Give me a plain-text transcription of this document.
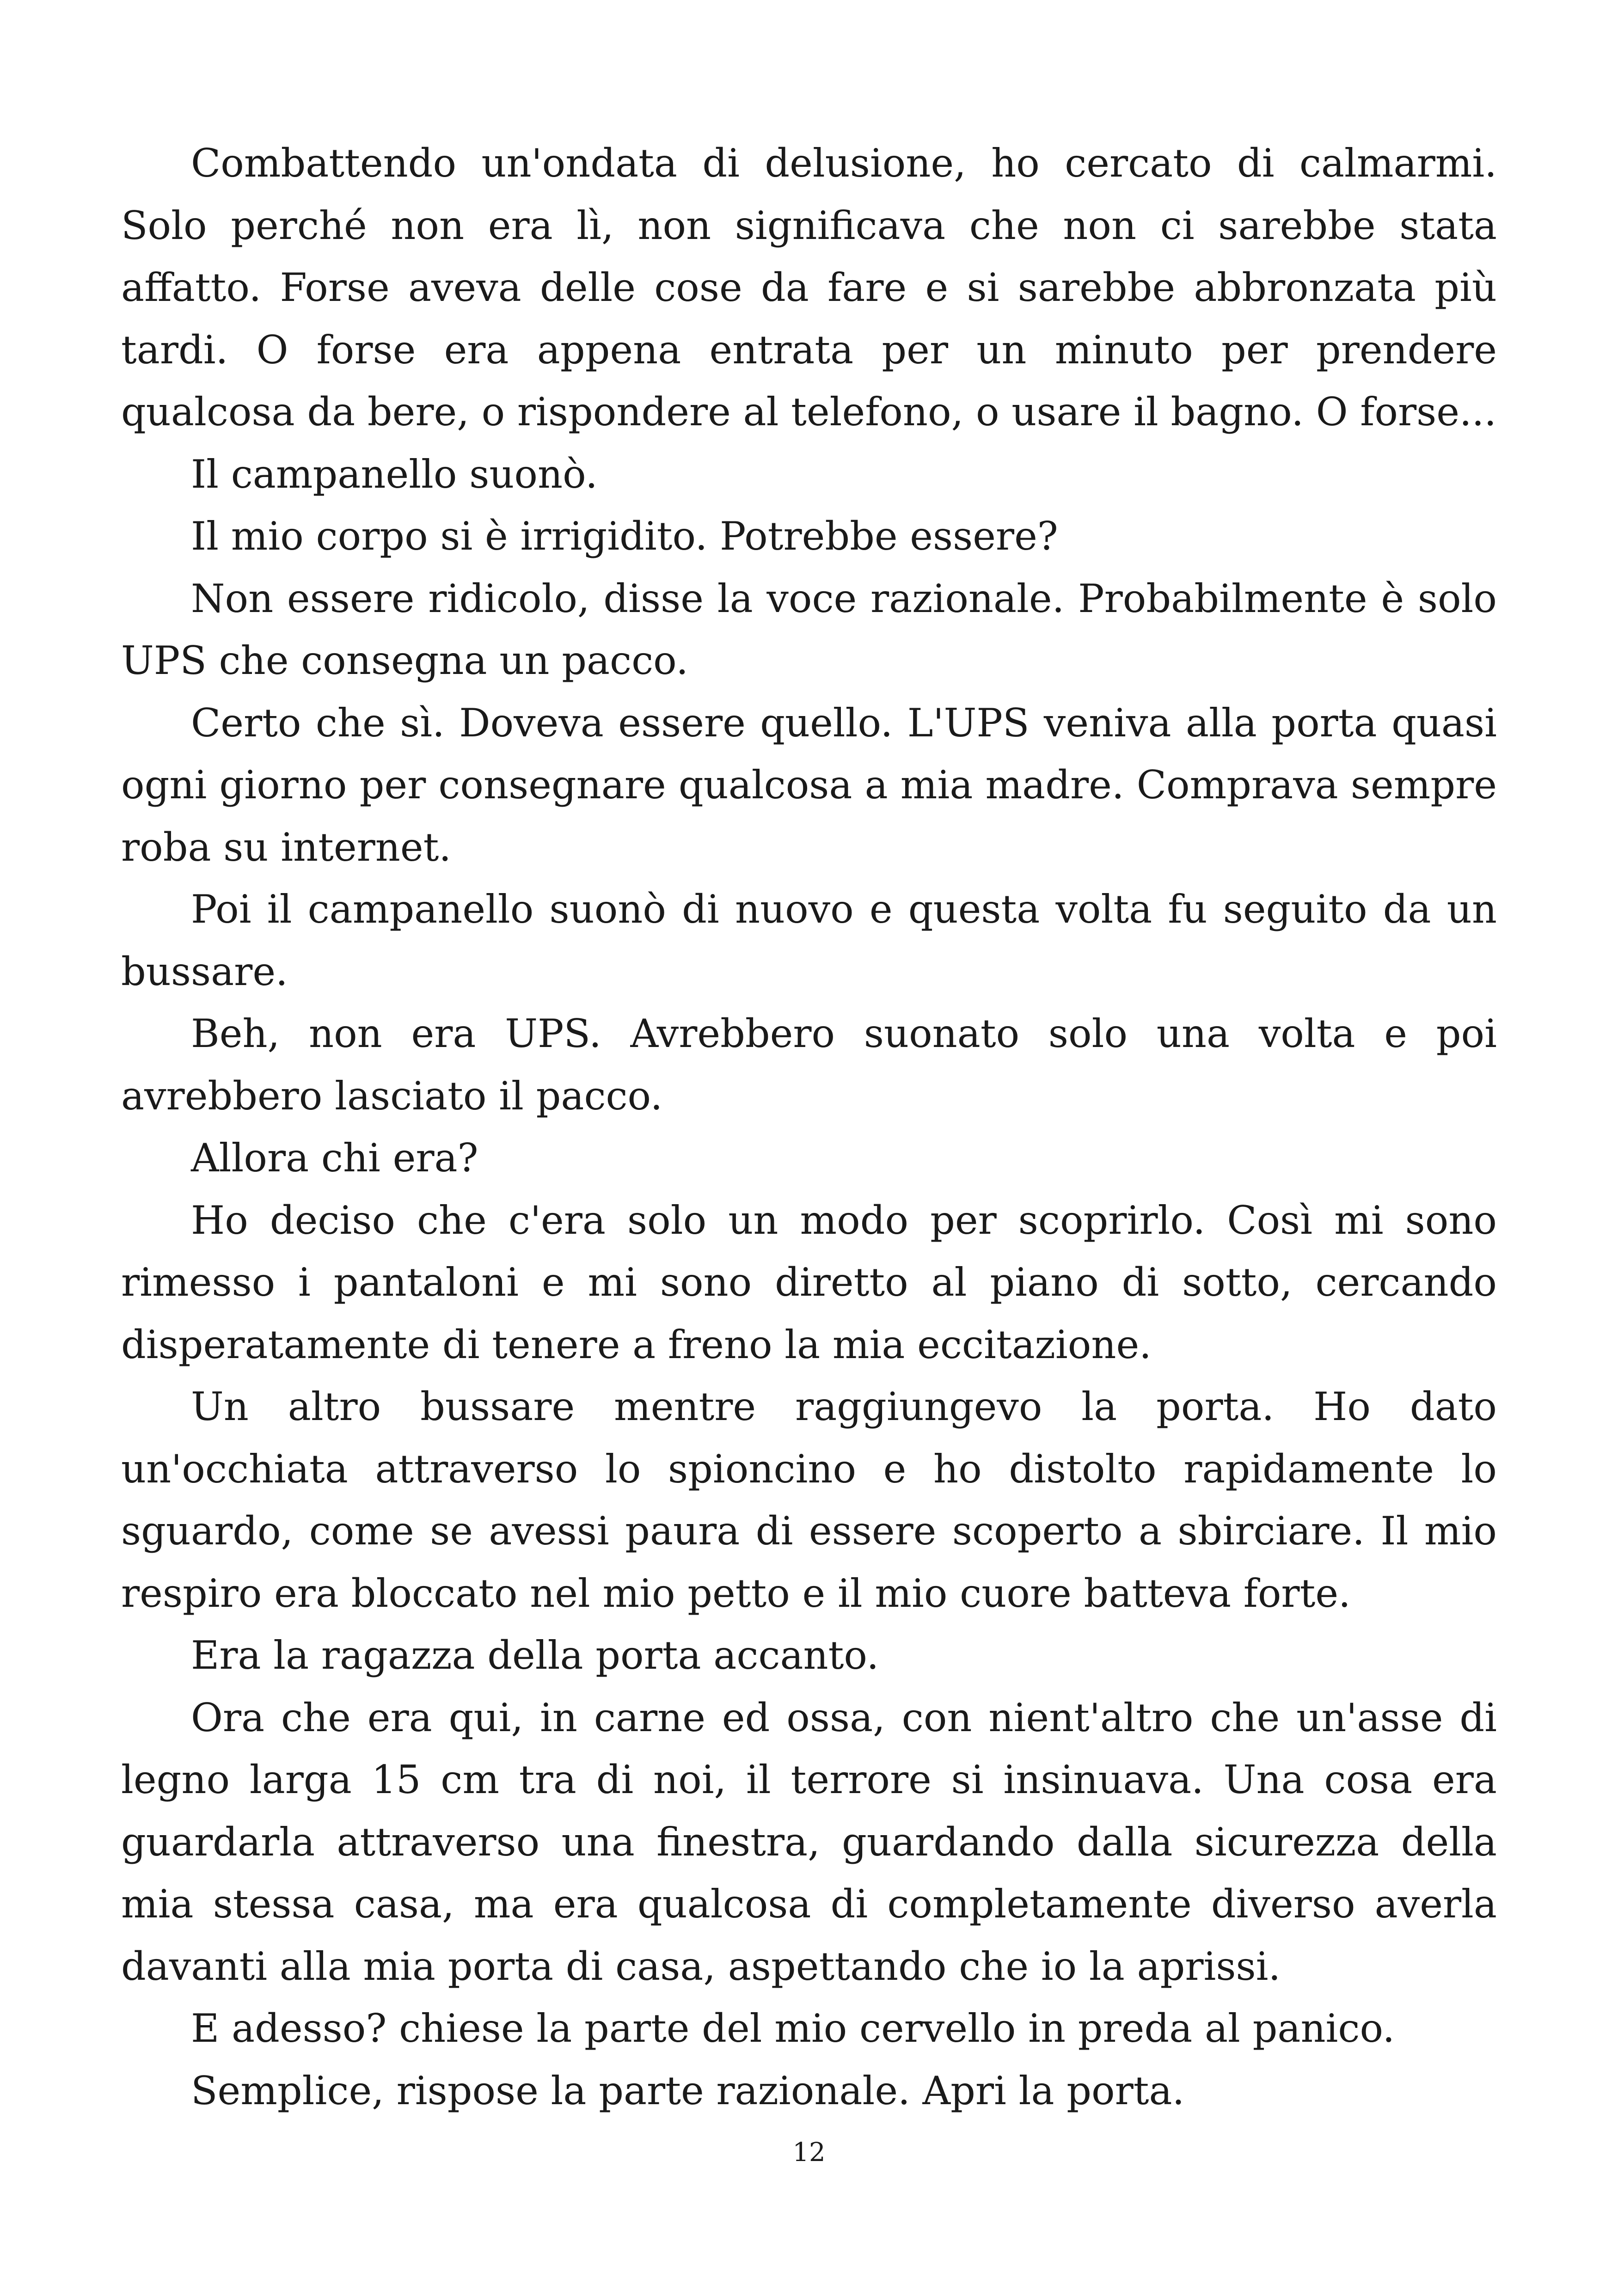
Combattendo un'ondata di delusione, ho cercato di calmarmi. Solo perché non era lì, non significava che non ci sarebbe stata affatto. Forse aveva delle cose da fare e si sarebbe abbronzata più tardi. O forse era appena entrata per un minuto per prendere qualcosa da bere, o rispondere al telefono, o usare il bagno. O forse...

Il campanello suonò.

Il mio corpo si è irrigidito. Potrebbe essere?

Non essere ridicolo, disse la voce razionale. Probabilmente è solo UPS che consegna un pacco.

Certo che sì. Doveva essere quello. L'UPS veniva alla porta quasi ogni giorno per consegnare qualcosa a mia madre. Comprava sempre roba su internet.

Poi il campanello suonò di nuovo e questa volta fu seguito da un bussare.

Beh, non era UPS. Avrebbero suonato solo una volta e poi avrebbero lasciato il pacco.

Allora chi era?

Ho deciso che c'era solo un modo per scoprirlo. Così mi sono rimesso i pantaloni e mi sono diretto al piano di sotto, cercando disperatamente di tenere a freno la mia eccitazione.

Un altro bussare mentre raggiungevo la porta. Ho dato un'occhiata attraverso lo spioncino e ho distolto rapidamente lo sguardo, come se avessi paura di essere scoperto a sbirciare. Il mio respiro era bloccato nel mio petto e il mio cuore batteva forte.

Era la ragazza della porta accanto.

Ora che era qui, in carne ed ossa, con nient'altro che un'asse di legno larga 15 cm tra di noi, il terrore si insinuava. Una cosa era guardarla attraverso una finestra, guardando dalla sicurezza della mia stessa casa, ma era qualcosa di completamente diverso averla davanti alla mia porta di casa, aspettando che io la aprissi.

E adesso? chiese la parte del mio cervello in preda al panico.

Semplice, rispose la parte razionale. Apri la porta.

12
